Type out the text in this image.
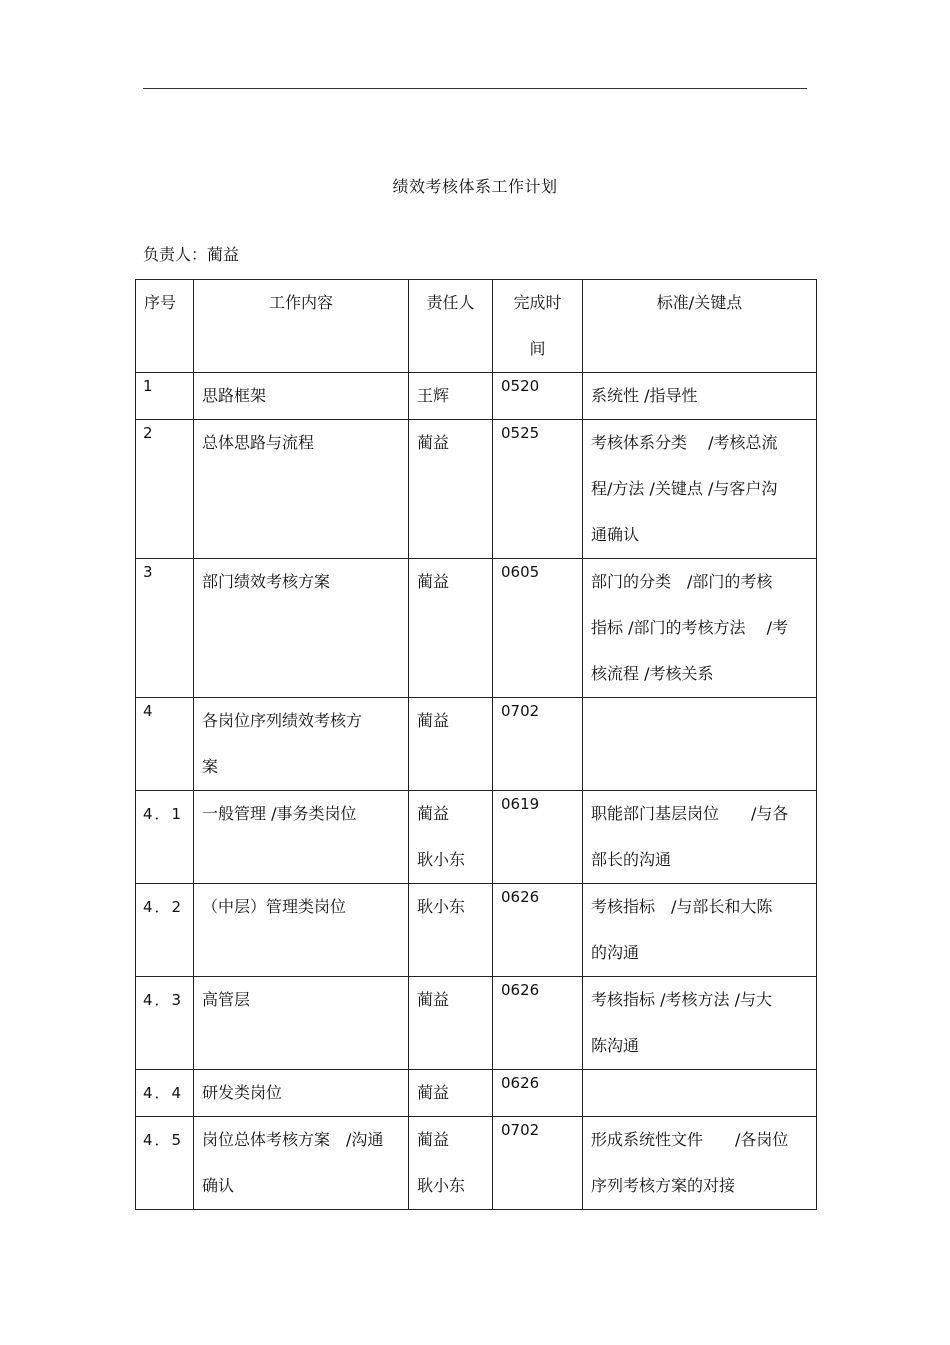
绩效考核体系工作计划
负责人：蔺益
序号	工作内容	责任人	完成时
间	标准/关键点

1	思路框架	王辉	0520	系统性 /指导性

2	总体思路与流程	蔺益	0525	考核体系分类　 /考核总流
程/方法 /关键点 /与客户沟
通确认

3	部门绩效考核方案	蔺益	0605	部门的分类　/部门的考核
指标 /部门的考核方法　 /考
核流程 /考核关系

4	各岗位序列绩效考核方
案	蔺益	0702	

4．1	一般管理 /事务类岗位	蔺益
耿小东	0619	职能部门基层岗位　　/与各
部长的沟通

4．2	（中层）管理类岗位	耿小东	0626	考核指标　/与部长和大陈
的沟通

4．3	高管层	蔺益	0626	考核指标 /考核方法 /与大
陈沟通

4．4	研发类岗位	蔺益	0626	

4．5	岗位总体考核方案　/沟通
确认	蔺益
耿小东	0702	形成系统性文件　　/各岗位
序列考核方案的对接
